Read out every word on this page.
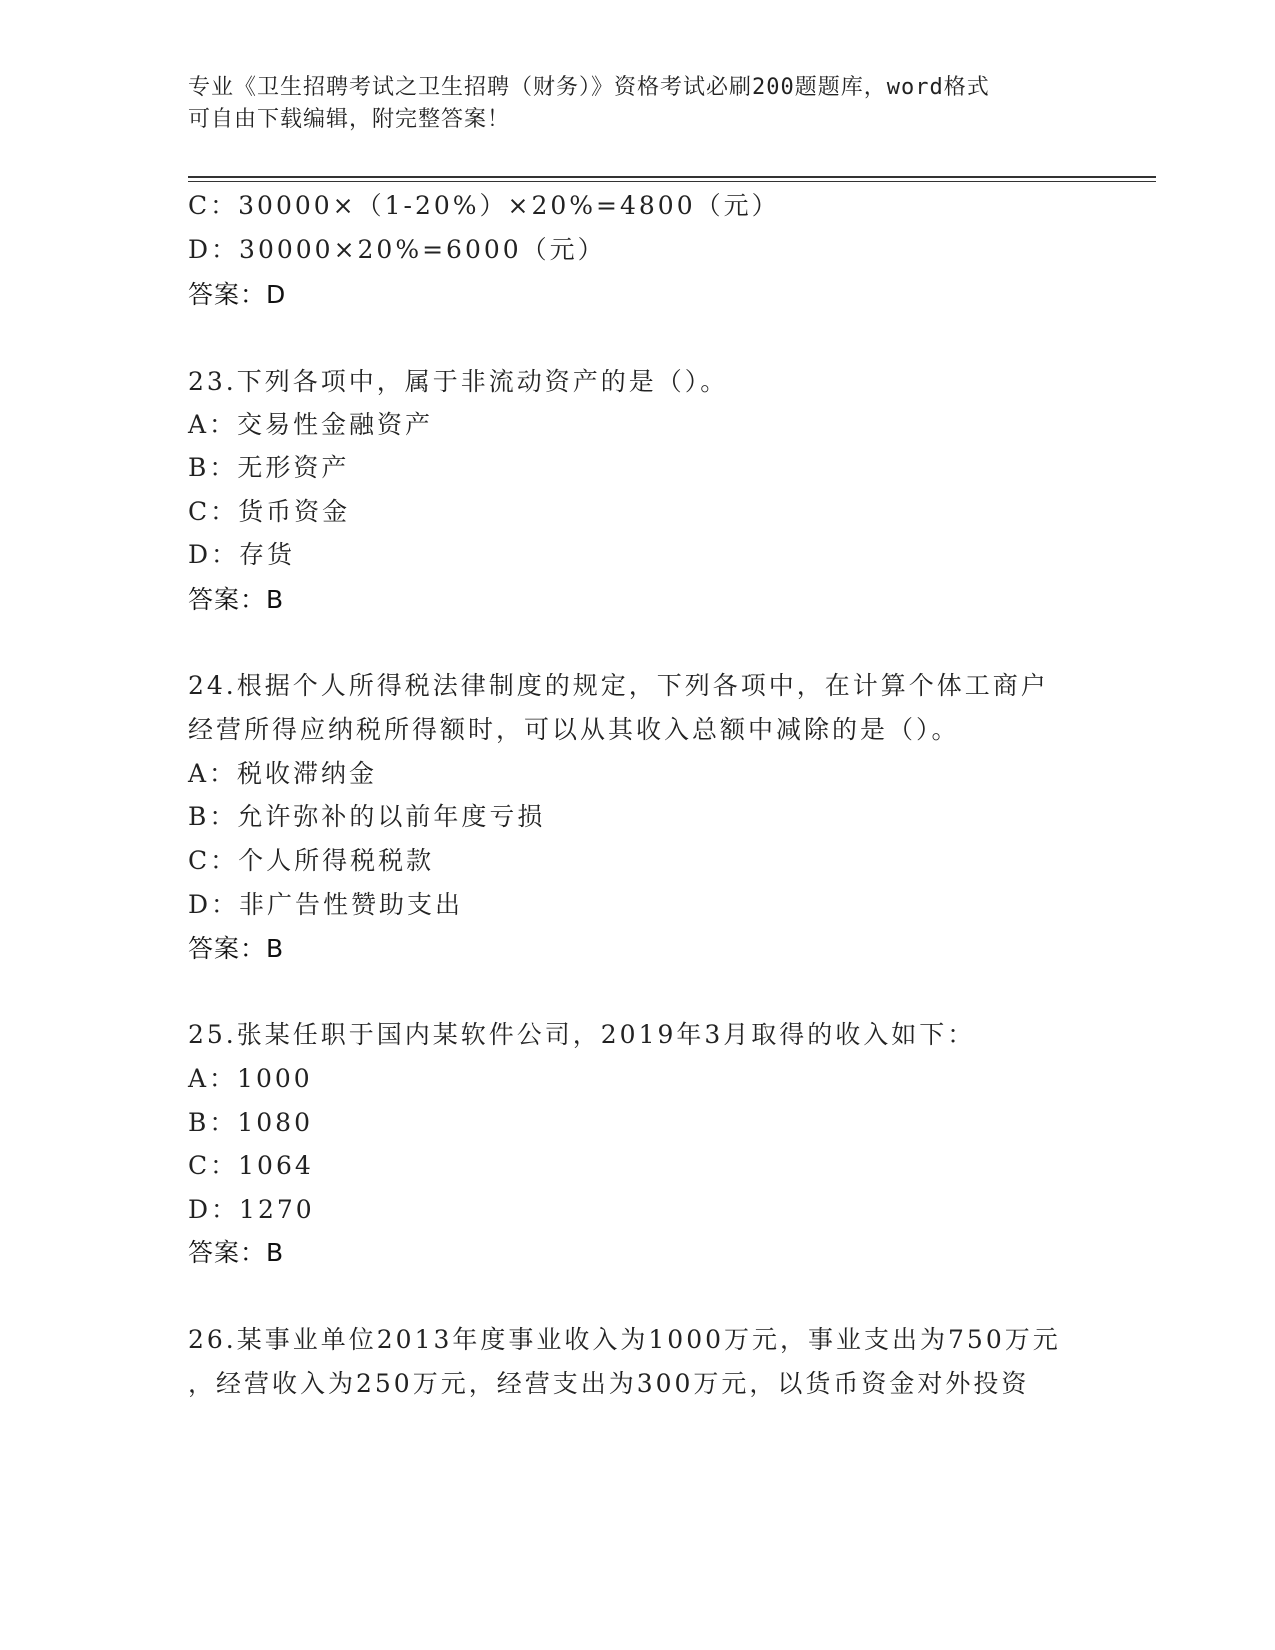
专业《卫生招聘考试之卫生招聘（财务）》资格考试必刷200题题库，word格式
可自由下载编辑，附完整答案！
C：30000×（1-20%）×20%=4800（元）
D：30000×20%=6000（元）
答案：D
23.下列各项中，属于非流动资产的是（）。
A：交易性金融资产
B：无形资产
C：货币资金
D：存货
答案：B
24.根据个人所得税法律制度的规定，下列各项中，在计算个体工商户
经营所得应纳税所得额时，可以从其收入总额中减除的是（）。
A：税收滞纳金
B：允许弥补的以前年度亏损
C：个人所得税税款
D：非广告性赞助支出
答案：B
25.张某任职于国内某软件公司，2019年3月取得的收入如下：
A：1000
B：1080
C：1064
D：1270
答案：B
26.某事业单位2013年度事业收入为1000万元，事业支出为750万元
，经营收入为250万元，经营支出为300万元，以货币资金对外投资
